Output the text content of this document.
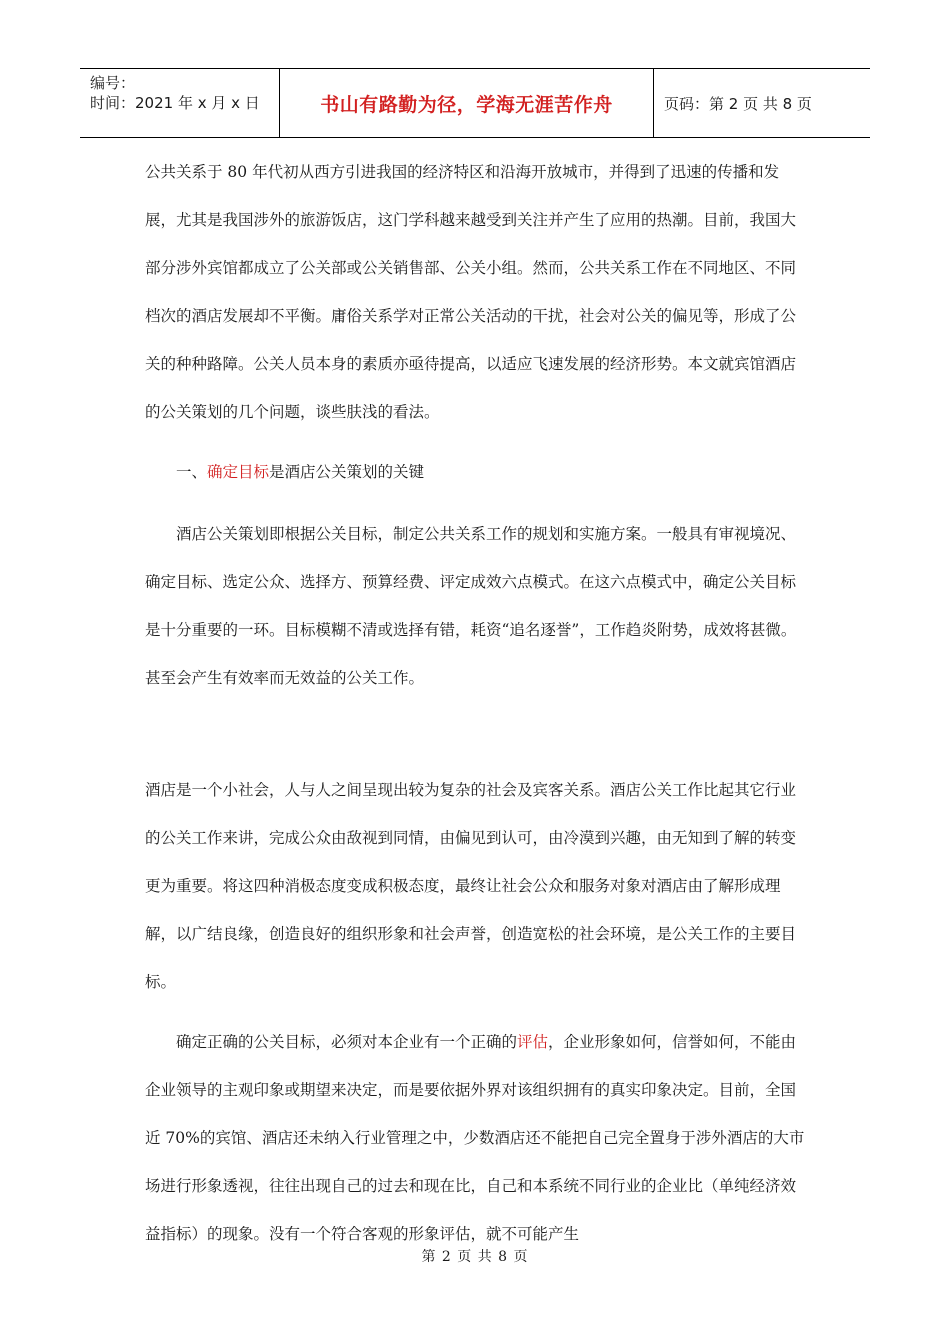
编号：
时间：2021 年 x 月 x 日	书山有路勤为径，学海无涯苦作舟	页码：第 2 页 共 8 页

公共关系于 80 年代初从西方引进我国的经济特区和沿海开放城市，并得到了迅速的传播和发展，尤其是我国涉外的旅游饭店，这门学科越来越受到关注并产生了应用的热潮。目前，我国大部分涉外宾馆都成立了公关部或公关销售部、公关小组。然而，公共关系工作在不同地区、不同档次的酒店发展却不平衡。庸俗关系学对正常公关活动的干扰，社会对公关的偏见等，形成了公关的种种路障。公关人员本身的素质亦亟待提高，以适应飞速发展的经济形势。本文就宾馆酒店的公关策划的几个问题，谈些肤浅的看法。

一、确定目标是酒店公关策划的关键

酒店公关策划即根据公关目标，制定公共关系工作的规划和实施方案。一般具有审视境况、确定目标、选定公众、选择方、预算经费、评定成效六点模式。在这六点模式中，确定公关目标是十分重要的一环。目标模糊不清或选择有错，耗资“追名逐誉”，工作趋炎附势，成效将甚微。甚至会产生有效率而无效益的公关工作。

酒店是一个小社会，人与人之间呈现出较为复杂的社会及宾客关系。酒店公关工作比起其它行业的公关工作来讲，完成公众由敌视到同情，由偏见到认可，由冷漠到兴趣，由无知到了解的转变更为重要。将这四种消极态度变成积极态度，最终让社会公众和服务对象对酒店由了解形成理解，以广结良缘，创造良好的组织形象和社会声誉，创造宽松的社会环境，是公关工作的主要目标。

确定正确的公关目标，必须对本企业有一个正确的评估，企业形象如何，信誉如何，不能由企业领导的主观印象或期望来决定，而是要依据外界对该组织拥有的真实印象决定。目前，全国近 70%的宾馆、酒店还未纳入行业管理之中，少数酒店还不能把自己完全置身于涉外酒店的大市场进行形象透视，往往出现自己的过去和现在比，自己和本系统不同行业的企业比（单纯经济效益指标）的现象。没有一个符合客观的形象评估，就不可能产生

第 2 页 共 8 页
